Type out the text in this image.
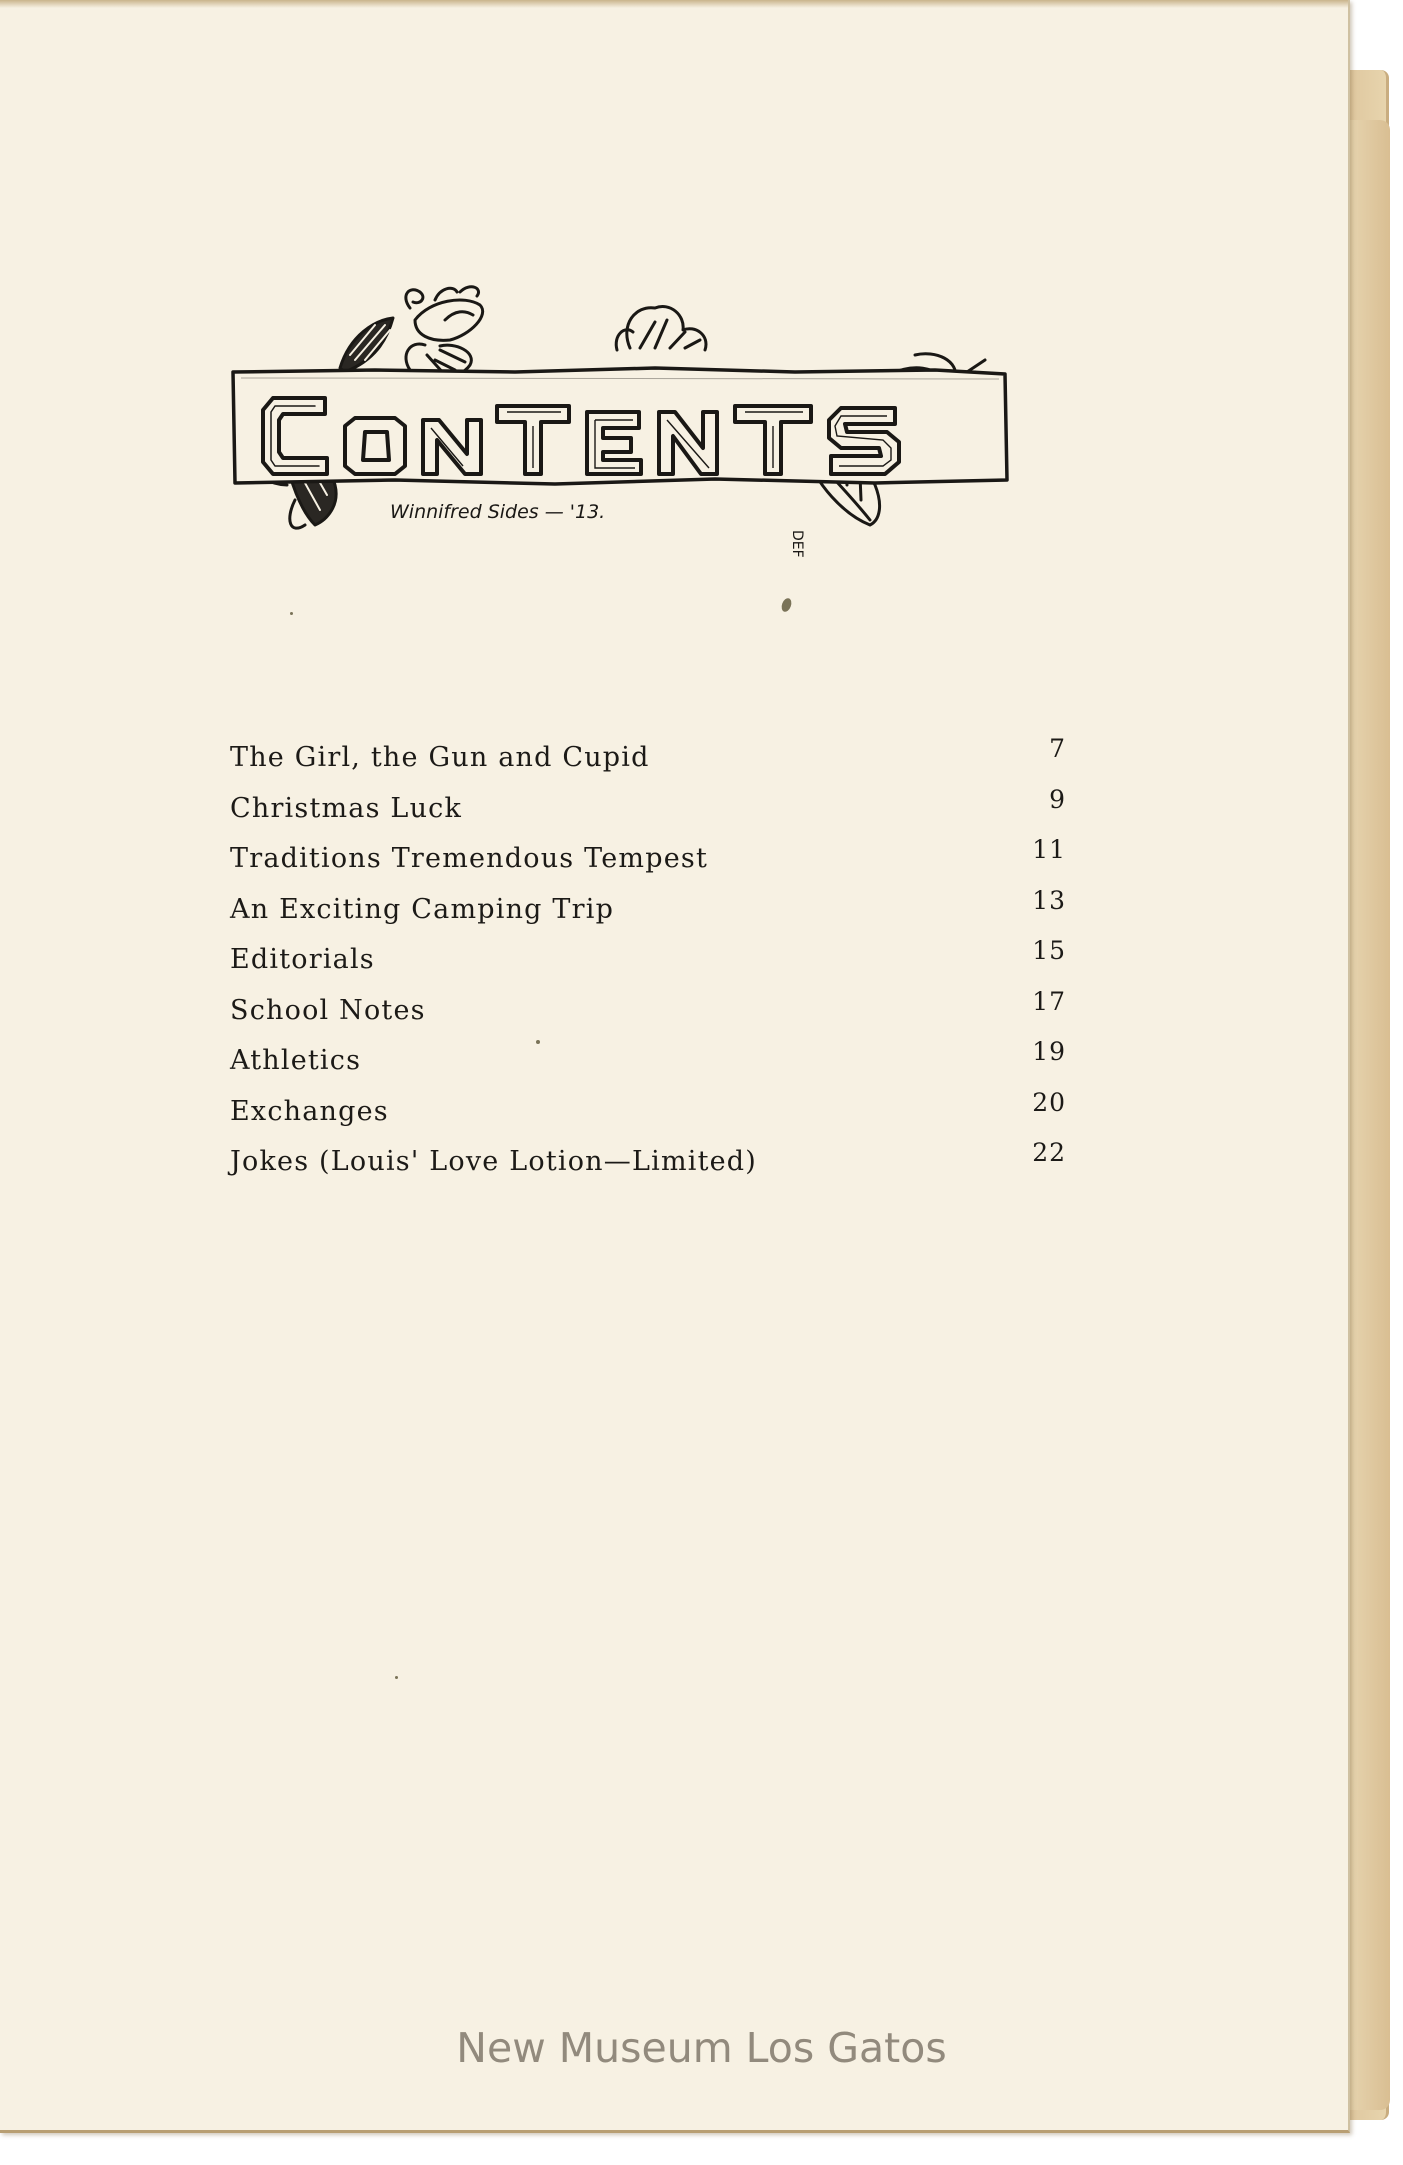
Winnifred Sides — '13.
DEF
The Girl, the Gun and Cupid	7
Christmas Luck	9
Traditions Tremendous Tempest	11
An Exciting Camping Trip	13
Editorials	15
School Notes	17
Athletics	19
Exchanges	20
Jokes (Louis' Love Lotion—Limited)	22
New Museum Los Gatos
